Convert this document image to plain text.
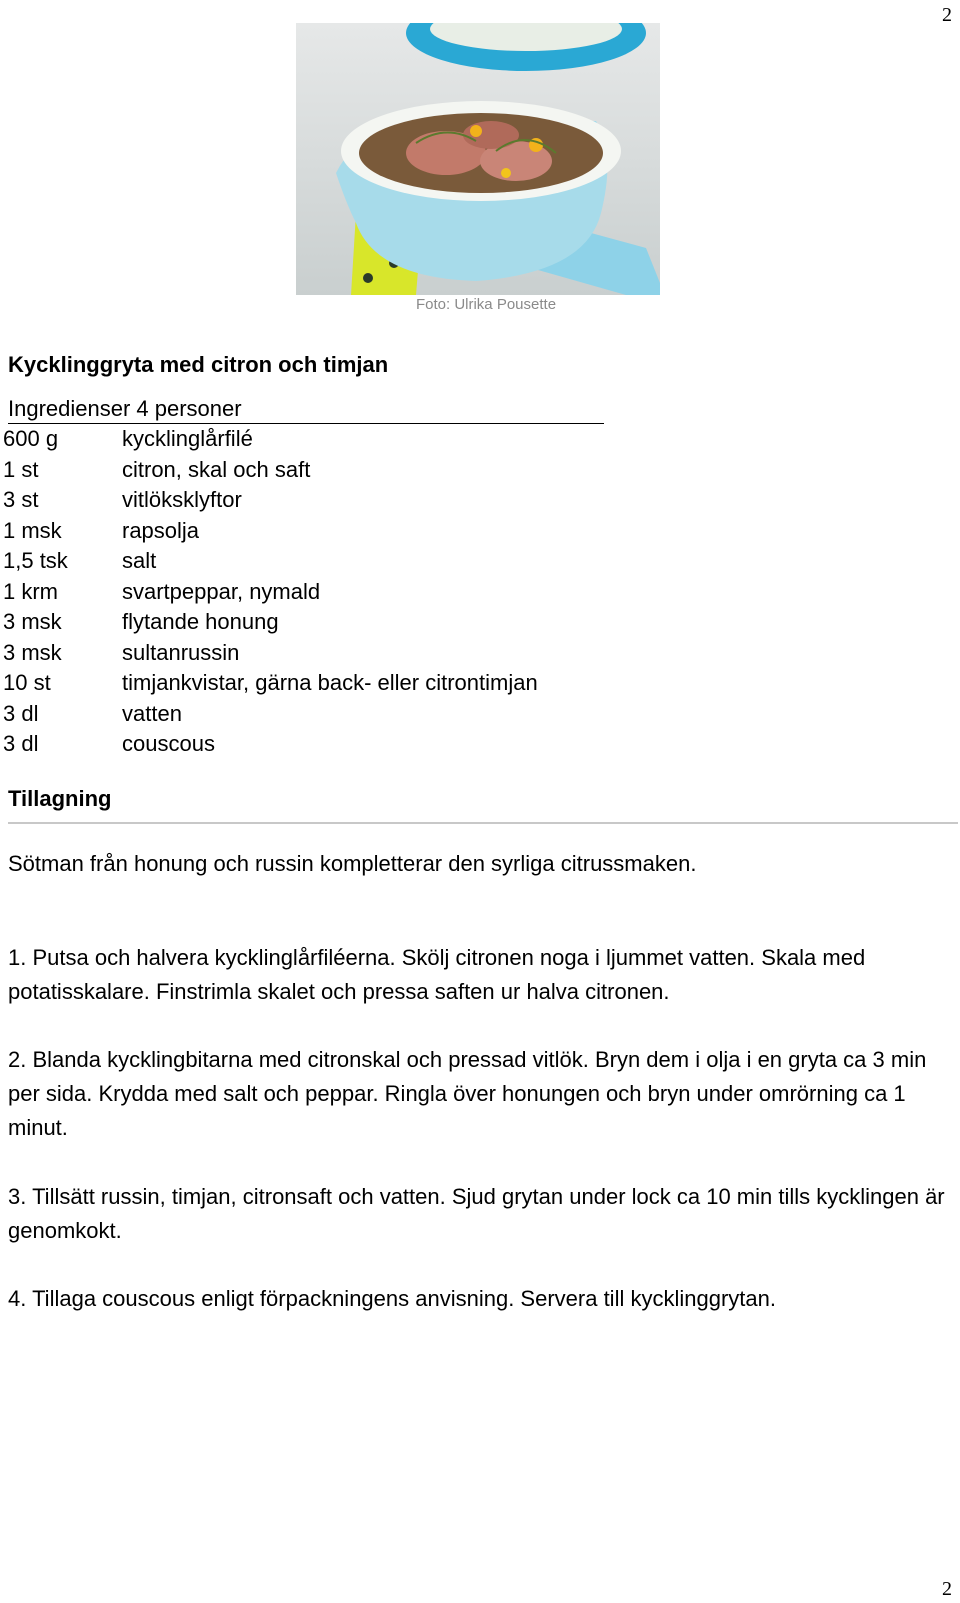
2
Foto: Ulrika Pousette
Kycklinggryta med citron och timjan
Ingredienser 4 personer
600 g	kycklinglårfilé
1 st	citron, skal och saft
3 st	vitlöksklyftor
1 msk	rapsolja
1,5 tsk	salt
1 krm	svartpeppar, nymald
3 msk	flytande honung
3 msk	sultanrussin
10 st	timjankvistar, gärna back- eller citrontimjan
3 dl	vatten
3 dl	couscous
Tillagning
Sötman från honung och russin kompletterar den syrliga citrussmaken.
1. Putsa och halvera kycklinglårfiléerna. Skölj citronen noga i ljummet vatten. Skala med potatisskalare. Finstrimla skalet och pressa saften ur halva citronen.
2. Blanda kycklingbitarna med citronskal och pressad vitlök. Bryn dem i olja i en gryta ca 3 min per sida. Krydda med salt och peppar. Ringla över honungen och bryn under omrörning ca 1 minut.
3. Tillsätt russin, timjan, citronsaft och vatten. Sjud grytan under lock ca 10 min tills kycklingen är genomkokt.
4. Tillaga couscous enligt förpackningens anvisning. Servera till kycklinggrytan.
2
